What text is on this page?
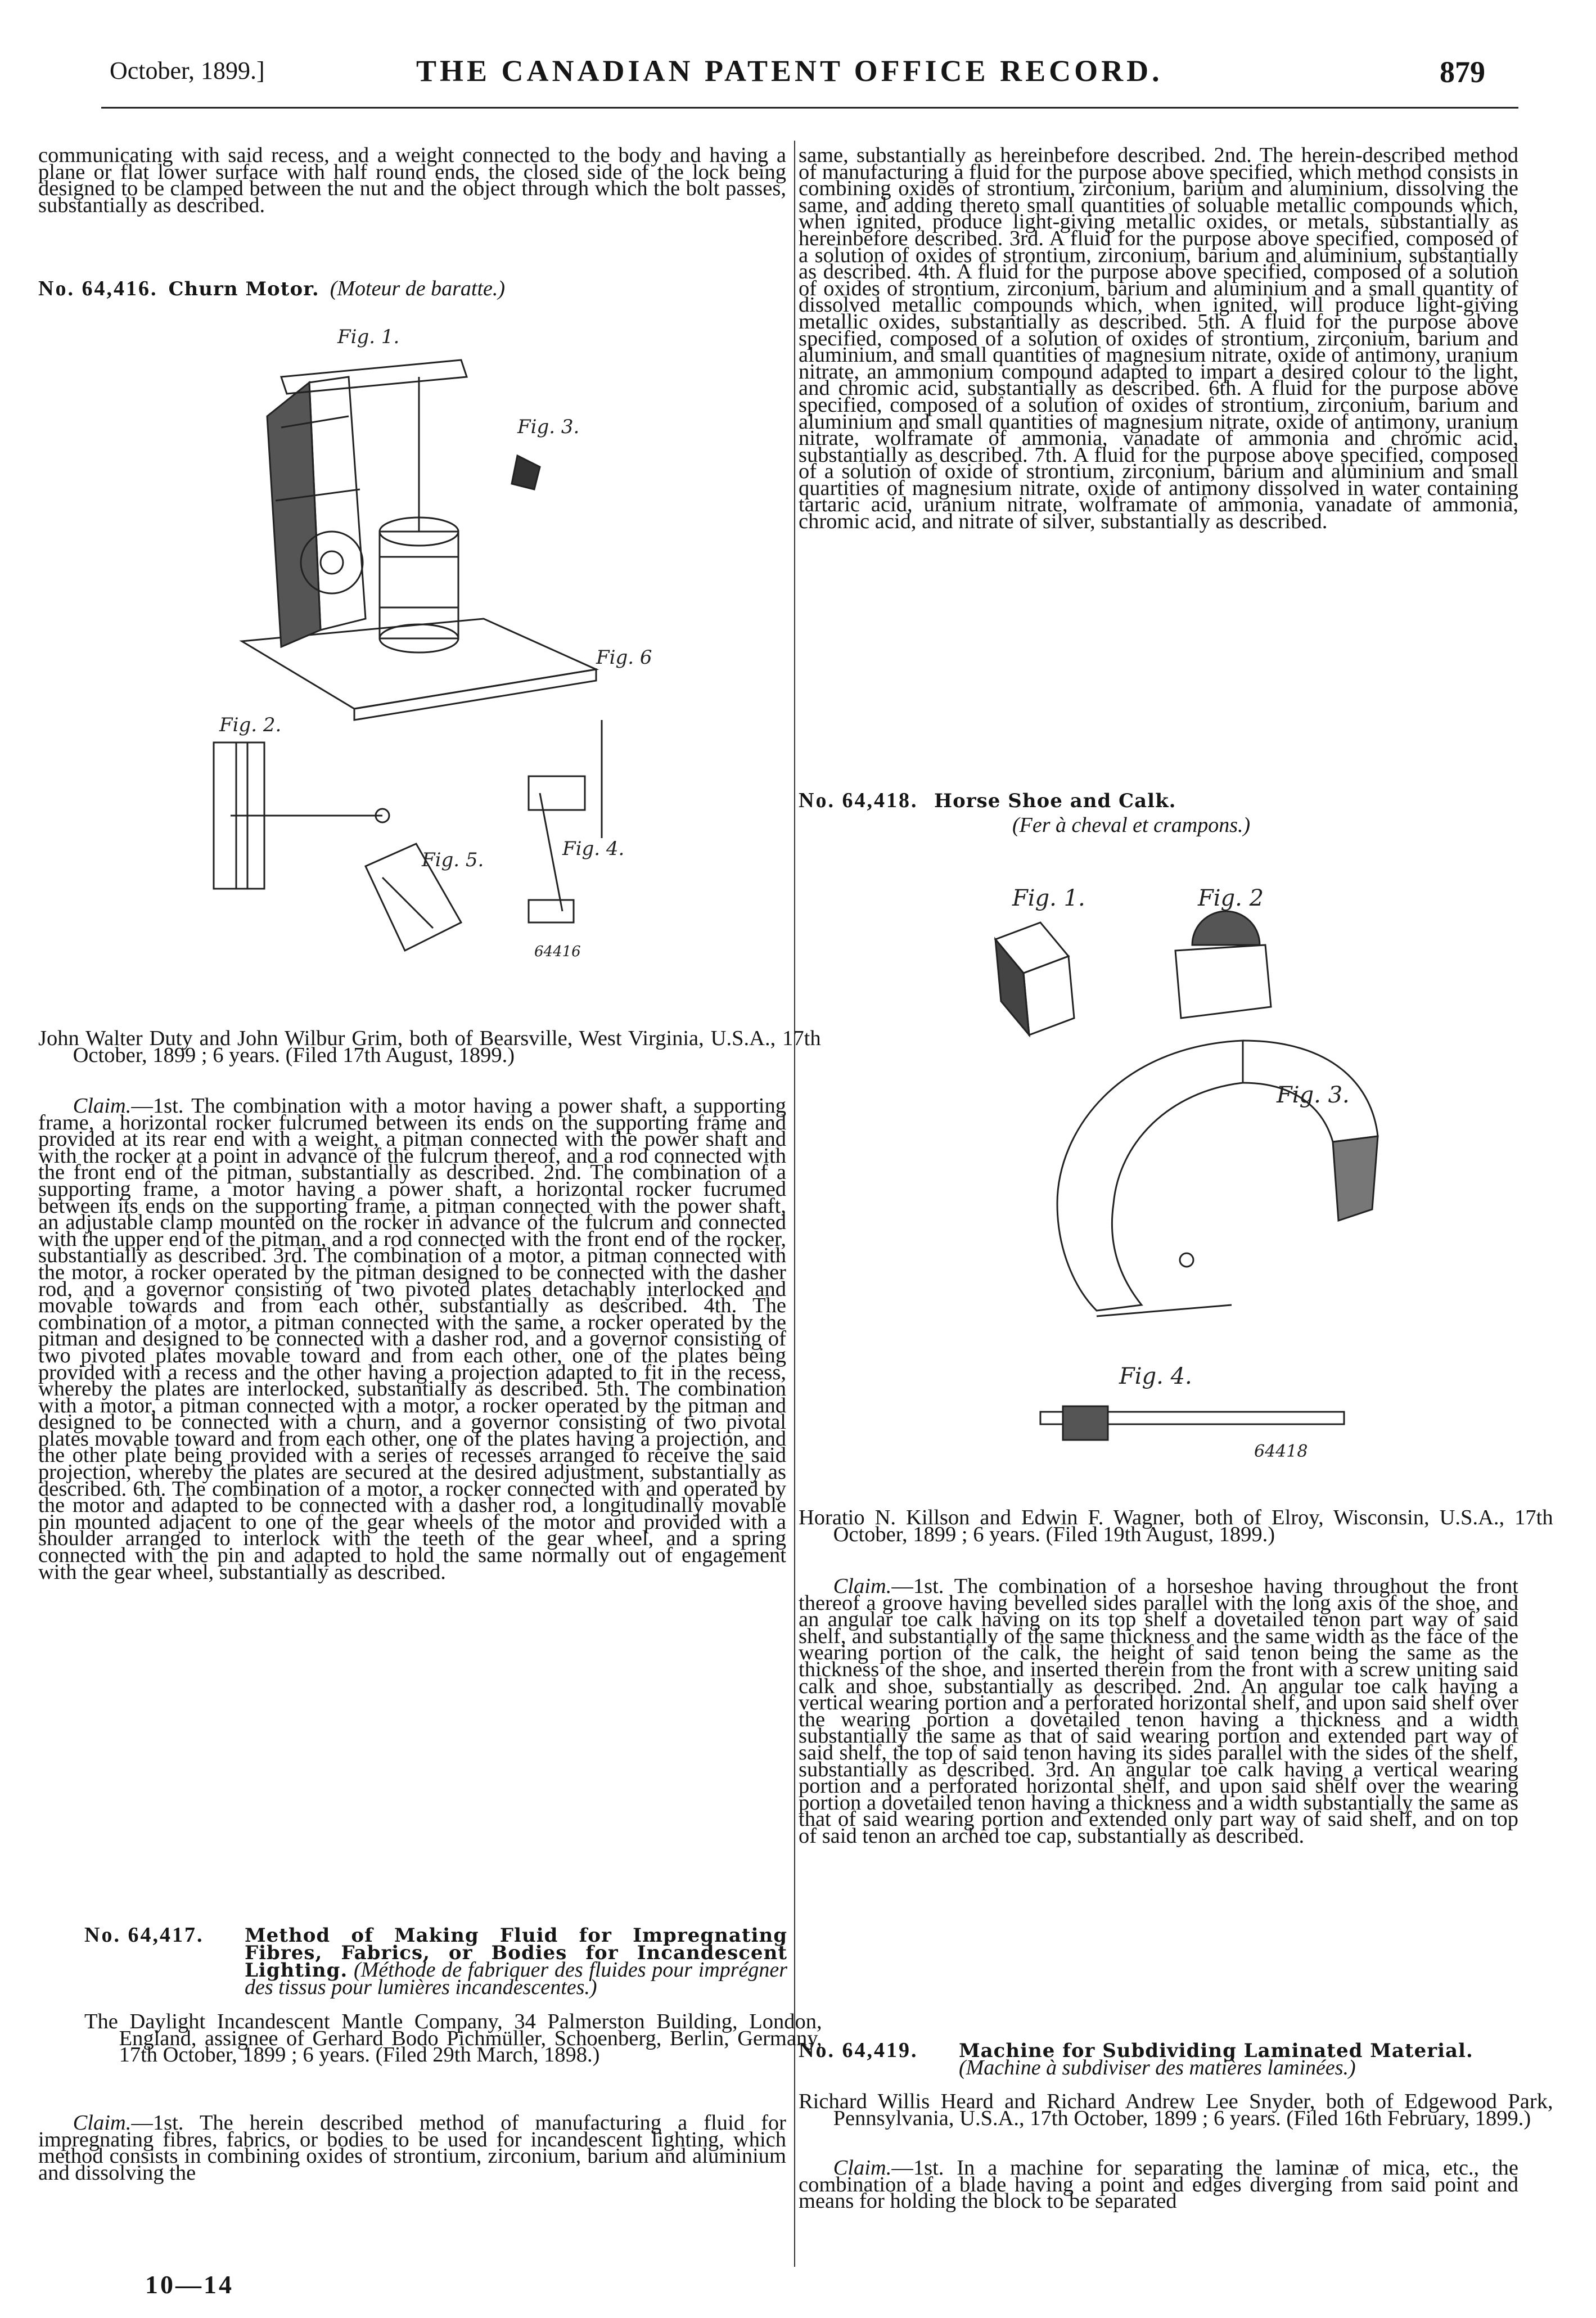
October, 1899.]	THE CANADIAN PATENT OFFICE RECORD.	879

communicating with said recess, and a weight connected to the body and having a plane or flat lower surface with half round ends, the closed side of the lock being designed to be clamped between the nut and the object through which the bolt passes, substantially as described.

No. 64,416. Churn Motor. (Moteur de baratte.)

Fig. 1.
Fig. 2.
Fig. 3.
Fig. 4.
Fig. 5.
Fig. 6
64416

John Walter Duty and John Wilbur Grim, both of Bearsville, West Virginia, U.S.A., 17th October, 1899 ; 6 years. (Filed 17th August, 1899.)

Claim.—1st. The combination with a motor having a power shaft, a supporting frame, a horizontal rocker fulcrumed between its ends on the supporting frame and provided at its rear end with a weight, a pitman connected with the power shaft and with the rocker at a point in advance of the fulcrum thereof, and a rod connected with the front end of the pitman, substantially as described. 2nd. The combination of a supporting frame, a motor having a power shaft, a horizontal rocker fucrumed between its ends on the supporting frame, a pitman connected with the power shaft, an adjustable clamp mounted on the rocker in advance of the fulcrum and connected with the upper end of the pitman, and a rod connected with the front end of the rocker, substantially as described. 3rd. The combination of a motor, a pitman connected with the motor, a rocker operated by the pitman designed to be connected with the dasher rod, and a governor consisting of two pivoted plates detachably interlocked and movable towards and from each other, substantially as described. 4th. The combination of a motor, a pitman connected with the same, a rocker operated by the pitman and designed to be connected with a dasher rod, and a governor consisting of two pivoted plates movable toward and from each other, one of the plates being provided with a recess and the other having a projection adapted to fit in the recess, whereby the plates are interlocked, substantially as described. 5th. The combination with a motor, a pitman connected with a motor, a rocker operated by the pitman and designed to be connected with a churn, and a governor consisting of two pivotal plates movable toward and from each other, one of the plates having a projection, and the other plate being provided with a series of recesses arranged to receive the said projection, whereby the plates are secured at the desired adjustment, substantially as described. 6th. The combination of a motor, a rocker connected with and operated by the motor and adapted to be connected with a dasher rod, a longitudinally movable pin mounted adjacent to one of the gear wheels of the motor and provided with a shoulder arranged to interlock with the teeth of the gear wheel, and a spring connected with the pin and adapted to hold the same normally out of engagement with the gear wheel, substantially as described.

No. 64,417. Method of Making Fluid for Impregnating Fibres, Fabrics, or Bodies for Incandescent Lighting. (Méthode de fabriquer des fluides pour imprégner des tissus pour lumières incandescentes.)

The Daylight Incandescent Mantle Company, 34 Palmerston Building, London, England, assignee of Gerhard Bodo Pichmüller, Schoenberg, Berlin, Germany, 17th October, 1899 ; 6 years. (Filed 29th March, 1898.)

Claim.—1st. The herein described method of manufacturing a fluid for impregnating fibres, fabrics, or bodies to be used for incandescent lighting, which method consists in combining oxides of strontium, zirconium, barium and aluminium and dissolving the

10—14

same, substantially as hereinbefore described. 2nd. The herein-described method of manufacturing a fluid for the purpose above specified, which method consists in combining oxides of strontium, zirconium, barium and aluminium, dissolving the same, and adding thereto small quantities of soluable metallic compounds which, when ignited, produce light-giving metallic oxides, or metals, substantially as hereinbefore described. 3rd. A fluid for the purpose above specified, composed of a solution of oxides of strontium, zirconium, barium and aluminium, substantially as described. 4th. A fluid for the purpose above specified, composed of a solution of oxides of strontium, zirconium, barium and aluminium and a small quantity of dissolved metallic compounds which, when ignited, will produce light-giving metallic oxides, substantially as described. 5th. A fluid for the purpose above specified, composed of a solution of oxides of strontium, zirconium, barium and aluminium, and small quantities of magnesium nitrate, oxide of antimony, uranium nitrate, an ammonium compound adapted to impart a desired colour to the light, and chromic acid, substantially as described. 6th. A fluid for the purpose above specified, composed of a solution of oxides of strontium, zirconium, barium and aluminium and small quantities of magnesium nitrate, oxide of antimony, uranium nitrate, wolframate of ammonia, vanadate of ammonia and chromic acid, substantially as described. 7th. A fluid for the purpose above specified, composed of a solution of oxide of strontium, zirconium, barium and aluminium and small quartities of magnesium nitrate, oxide of antimony dissolved in water containing tartaric acid, uranium nitrate, wolframate of ammonia, vanadate of ammonia, chromic acid, and nitrate of silver, substantially as described.

No. 64,418. Horse Shoe and Calk.

(Fer à cheval et crampons.)

Fig. 1.	Fig. 2
Fig. 3.
Fig. 4.
64418

Horatio N. Killson and Edwin F. Wagner, both of Elroy, Wisconsin, U.S.A., 17th October, 1899 ; 6 years. (Filed 19th August, 1899.)

Claim.—1st. The combination of a horseshoe having throughout the front thereof a groove having bevelled sides parallel with the long axis of the shoe, and an angular toe calk having on its top shelf a dovetailed tenon part way of said shelf, and substantially of the same thickness and the same width as the face of the wearing portion of the calk, the height of said tenon being the same as the thickness of the shoe, and inserted therein from the front with a screw uniting said calk and shoe, substantially as described. 2nd. An angular toe calk having a vertical wearing portion and a perforated horizontal shelf, and upon said shelf over the wearing portion a dovetailed tenon having a thickness and a width substantially the same as that of said wearing portion and extended part way of said shelf, the top of said tenon having its sides parallel with the sides of the shelf, substantially as described. 3rd. An angular toe calk having a vertical wearing portion and a perforated horizontal shelf, and upon said shelf over the wearing portion a dovetailed tenon having a thickness and a width substantially the same as that of said wearing portion and extended only part way of said shelf, and on top of said tenon an arched toe cap, substantially as described.

No. 64,419. Machine for Subdividing Laminated Material. (Machine à subdiviser des matières laminées.)

Richard Willis Heard and Richard Andrew Lee Snyder, both of Edgewood Park, Pennsylvania, U.S.A., 17th October, 1899 ; 6 years. (Filed 16th February, 1899.)

Claim.—1st. In a machine for separating the laminæ of mica, etc., the combination of a blade having a point and edges diverging from said point and means for holding the block to be separated
